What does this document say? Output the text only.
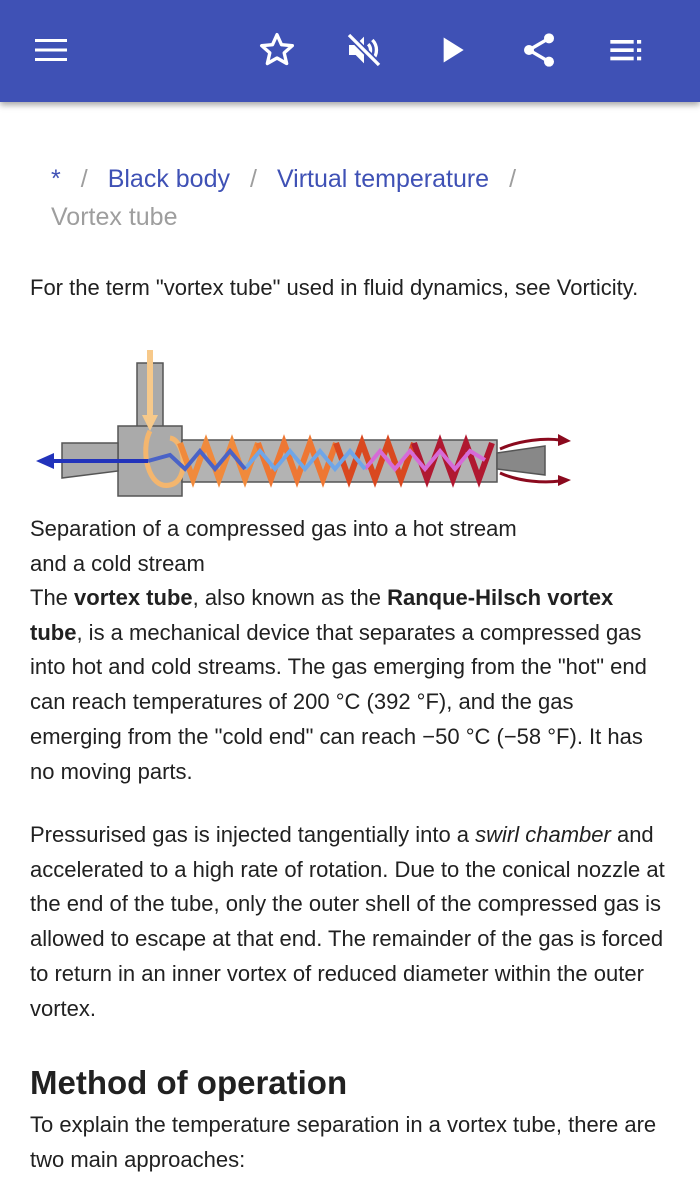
* / Black body / Virtual temperature /
Vortex tube
For the term "vortex tube" used in fluid dynamics, see Vorticity.
Separation of a compressed gas into a hot stream
and a cold stream
The vortex tube, also known as the Ranque-Hilsch vortex tube, is a mechanical device that separates a compressed gas into hot and cold streams. The gas emerging from the "hot" end can reach temperatures of 200 °C (392 °F), and the gas emerging from the "cold end" can reach −50 °C (−58 °F). It has no moving parts.
Pressurised gas is injected tangentially into a swirl chamber and accelerated to a high rate of rotation. Due to the conical nozzle at the end of the tube, only the outer shell of the compressed gas is allowed to escape at that end. The remainder of the gas is forced to return in an inner vortex of reduced diameter within the outer vortex.
Method of operation
To explain the temperature separation in a vortex tube, there are two main approaches:
